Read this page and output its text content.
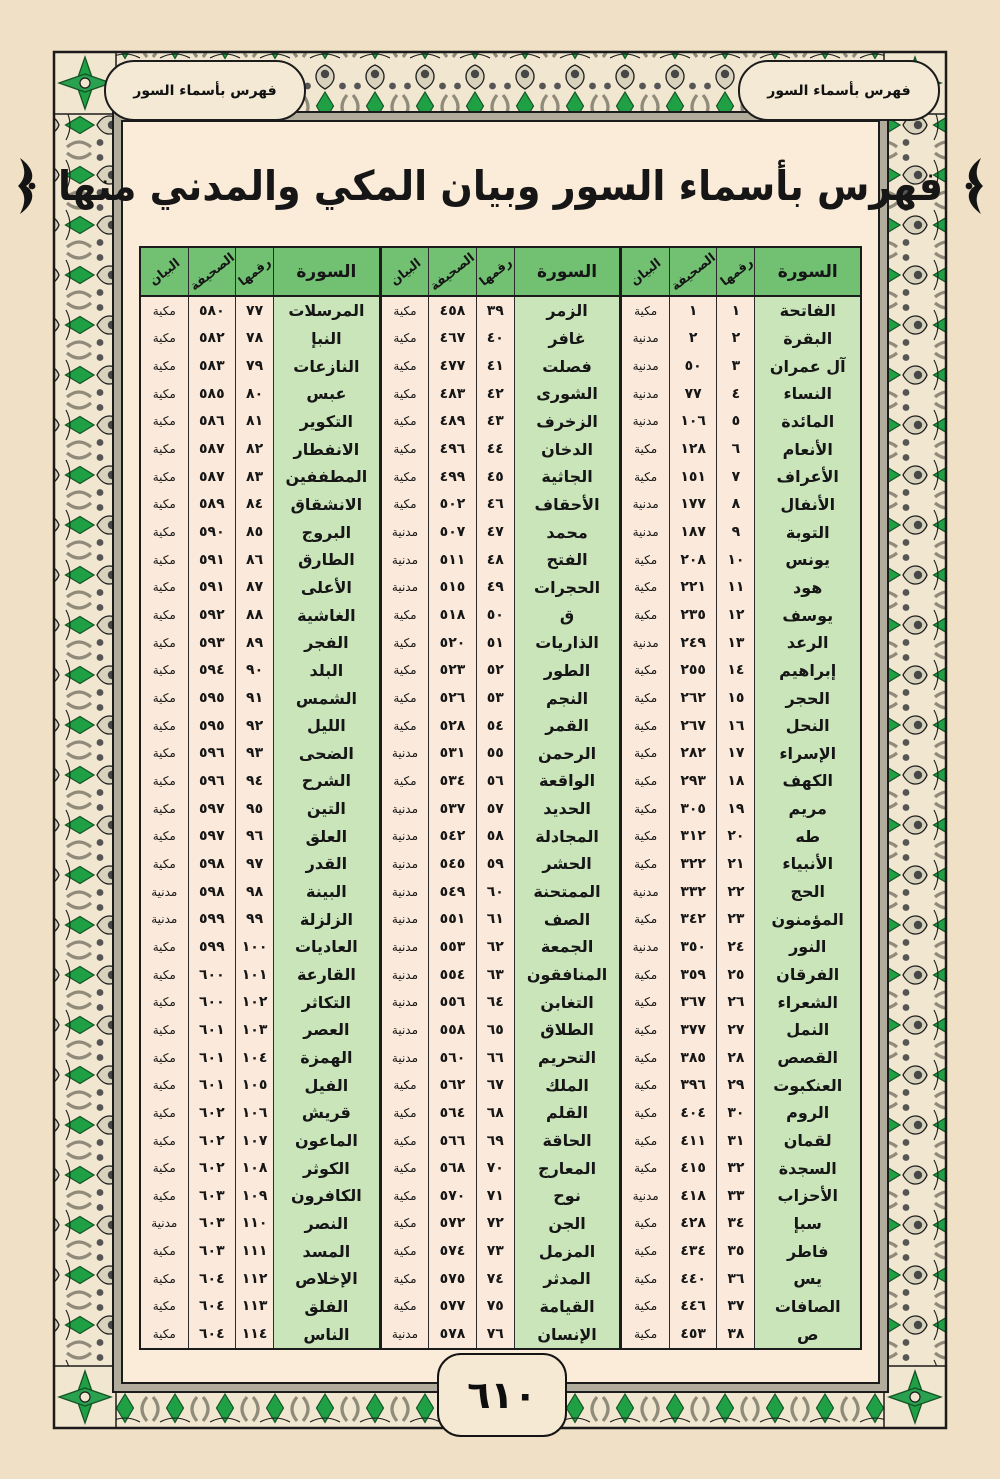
فهرس بأسماء السور
فهرس بأسماء السور
فهرس بأسماء السور وبيان المكي والمدني منها
السورة
رقمها
الصحيفة
البيان
الفاتحة
١
١
مكية
البقرة
٢
٢
مدنية
آل عمران
٣
٥٠
مدنية
النساء
٤
٧٧
مدنية
المائدة
٥
١٠٦
مدنية
الأنعام
٦
١٢٨
مكية
الأعراف
٧
١٥١
مكية
الأنفال
٨
١٧٧
مدنية
التوبة
٩
١٨٧
مدنية
يونس
١٠
٢٠٨
مكية
هود
١١
٢٢١
مكية
يوسف
١٢
٢٣٥
مكية
الرعد
١٣
٢٤٩
مدنية
إبراهيم
١٤
٢٥٥
مكية
الحجر
١٥
٢٦٢
مكية
النحل
١٦
٢٦٧
مكية
الإسراء
١٧
٢٨٢
مكية
الكهف
١٨
٢٩٣
مكية
مريم
١٩
٣٠٥
مكية
طه
٢٠
٣١٢
مكية
الأنبياء
٢١
٣٢٢
مكية
الحج
٢٢
٣٣٢
مدنية
المؤمنون
٢٣
٣٤٢
مكية
النور
٢٤
٣٥٠
مدنية
الفرقان
٢٥
٣٥٩
مكية
الشعراء
٢٦
٣٦٧
مكية
النمل
٢٧
٣٧٧
مكية
القصص
٢٨
٣٨٥
مكية
العنكبوت
٢٩
٣٩٦
مكية
الروم
٣٠
٤٠٤
مكية
لقمان
٣١
٤١١
مكية
السجدة
٣٢
٤١٥
مكية
الأحزاب
٣٣
٤١٨
مدنية
سبإ
٣٤
٤٢٨
مكية
فاطر
٣٥
٤٣٤
مكية
يس
٣٦
٤٤٠
مكية
الصافات
٣٧
٤٤٦
مكية
ص
٣٨
٤٥٣
مكية
السورة
رقمها
الصحيفة
البيان
الزمر
٣٩
٤٥٨
مكية
غافر
٤٠
٤٦٧
مكية
فصلت
٤١
٤٧٧
مكية
الشورى
٤٢
٤٨٣
مكية
الزخرف
٤٣
٤٨٩
مكية
الدخان
٤٤
٤٩٦
مكية
الجاثية
٤٥
٤٩٩
مكية
الأحقاف
٤٦
٥٠٢
مكية
محمد
٤٧
٥٠٧
مدنية
الفتح
٤٨
٥١١
مدنية
الحجرات
٤٩
٥١٥
مدنية
ق
٥٠
٥١٨
مكية
الذاريات
٥١
٥٢٠
مكية
الطور
٥٢
٥٢٣
مكية
النجم
٥٣
٥٢٦
مكية
القمر
٥٤
٥٢٨
مكية
الرحمن
٥٥
٥٣١
مدنية
الواقعة
٥٦
٥٣٤
مكية
الحديد
٥٧
٥٣٧
مدنية
المجادلة
٥٨
٥٤٢
مدنية
الحشر
٥٩
٥٤٥
مدنية
الممتحنة
٦٠
٥٤٩
مدنية
الصف
٦١
٥٥١
مدنية
الجمعة
٦٢
٥٥٣
مدنية
المنافقون
٦٣
٥٥٤
مدنية
التغابن
٦٤
٥٥٦
مدنية
الطلاق
٦٥
٥٥٨
مدنية
التحريم
٦٦
٥٦٠
مدنية
الملك
٦٧
٥٦٢
مكية
القلم
٦٨
٥٦٤
مكية
الحاقة
٦٩
٥٦٦
مكية
المعارج
٧٠
٥٦٨
مكية
نوح
٧١
٥٧٠
مكية
الجن
٧٢
٥٧٢
مكية
المزمل
٧٣
٥٧٤
مكية
المدثر
٧٤
٥٧٥
مكية
القيامة
٧٥
٥٧٧
مكية
الإنسان
٧٦
٥٧٨
مدنية
السورة
رقمها
الصحيفة
البيان
المرسلات
٧٧
٥٨٠
مكية
النبإ
٧٨
٥٨٢
مكية
النازعات
٧٩
٥٨٣
مكية
عبس
٨٠
٥٨٥
مكية
التكوير
٨١
٥٨٦
مكية
الانفطار
٨٢
٥٨٧
مكية
المطففين
٨٣
٥٨٧
مكية
الانشقاق
٨٤
٥٨٩
مكية
البروج
٨٥
٥٩٠
مكية
الطارق
٨٦
٥٩١
مكية
الأعلى
٨٧
٥٩١
مكية
الغاشية
٨٨
٥٩٢
مكية
الفجر
٨٩
٥٩٣
مكية
البلد
٩٠
٥٩٤
مكية
الشمس
٩١
٥٩٥
مكية
الليل
٩٢
٥٩٥
مكية
الضحى
٩٣
٥٩٦
مكية
الشرح
٩٤
٥٩٦
مكية
التين
٩٥
٥٩٧
مكية
العلق
٩٦
٥٩٧
مكية
القدر
٩٧
٥٩٨
مكية
البينة
٩٨
٥٩٨
مدنية
الزلزلة
٩٩
٥٩٩
مدنية
العاديات
١٠٠
٥٩٩
مكية
القارعة
١٠١
٦٠٠
مكية
التكاثر
١٠٢
٦٠٠
مكية
العصر
١٠٣
٦٠١
مكية
الهمزة
١٠٤
٦٠١
مكية
الفيل
١٠٥
٦٠١
مكية
قريش
١٠٦
٦٠٢
مكية
الماعون
١٠٧
٦٠٢
مكية
الكوثر
١٠٨
٦٠٢
مكية
الكافرون
١٠٩
٦٠٣
مكية
النصر
١١٠
٦٠٣
مدنية
المسد
١١١
٦٠٣
مكية
الإخلاص
١١٢
٦٠٤
مكية
الفلق
١١٣
٦٠٤
مكية
الناس
١١٤
٦٠٤
مكية
٦١٠
